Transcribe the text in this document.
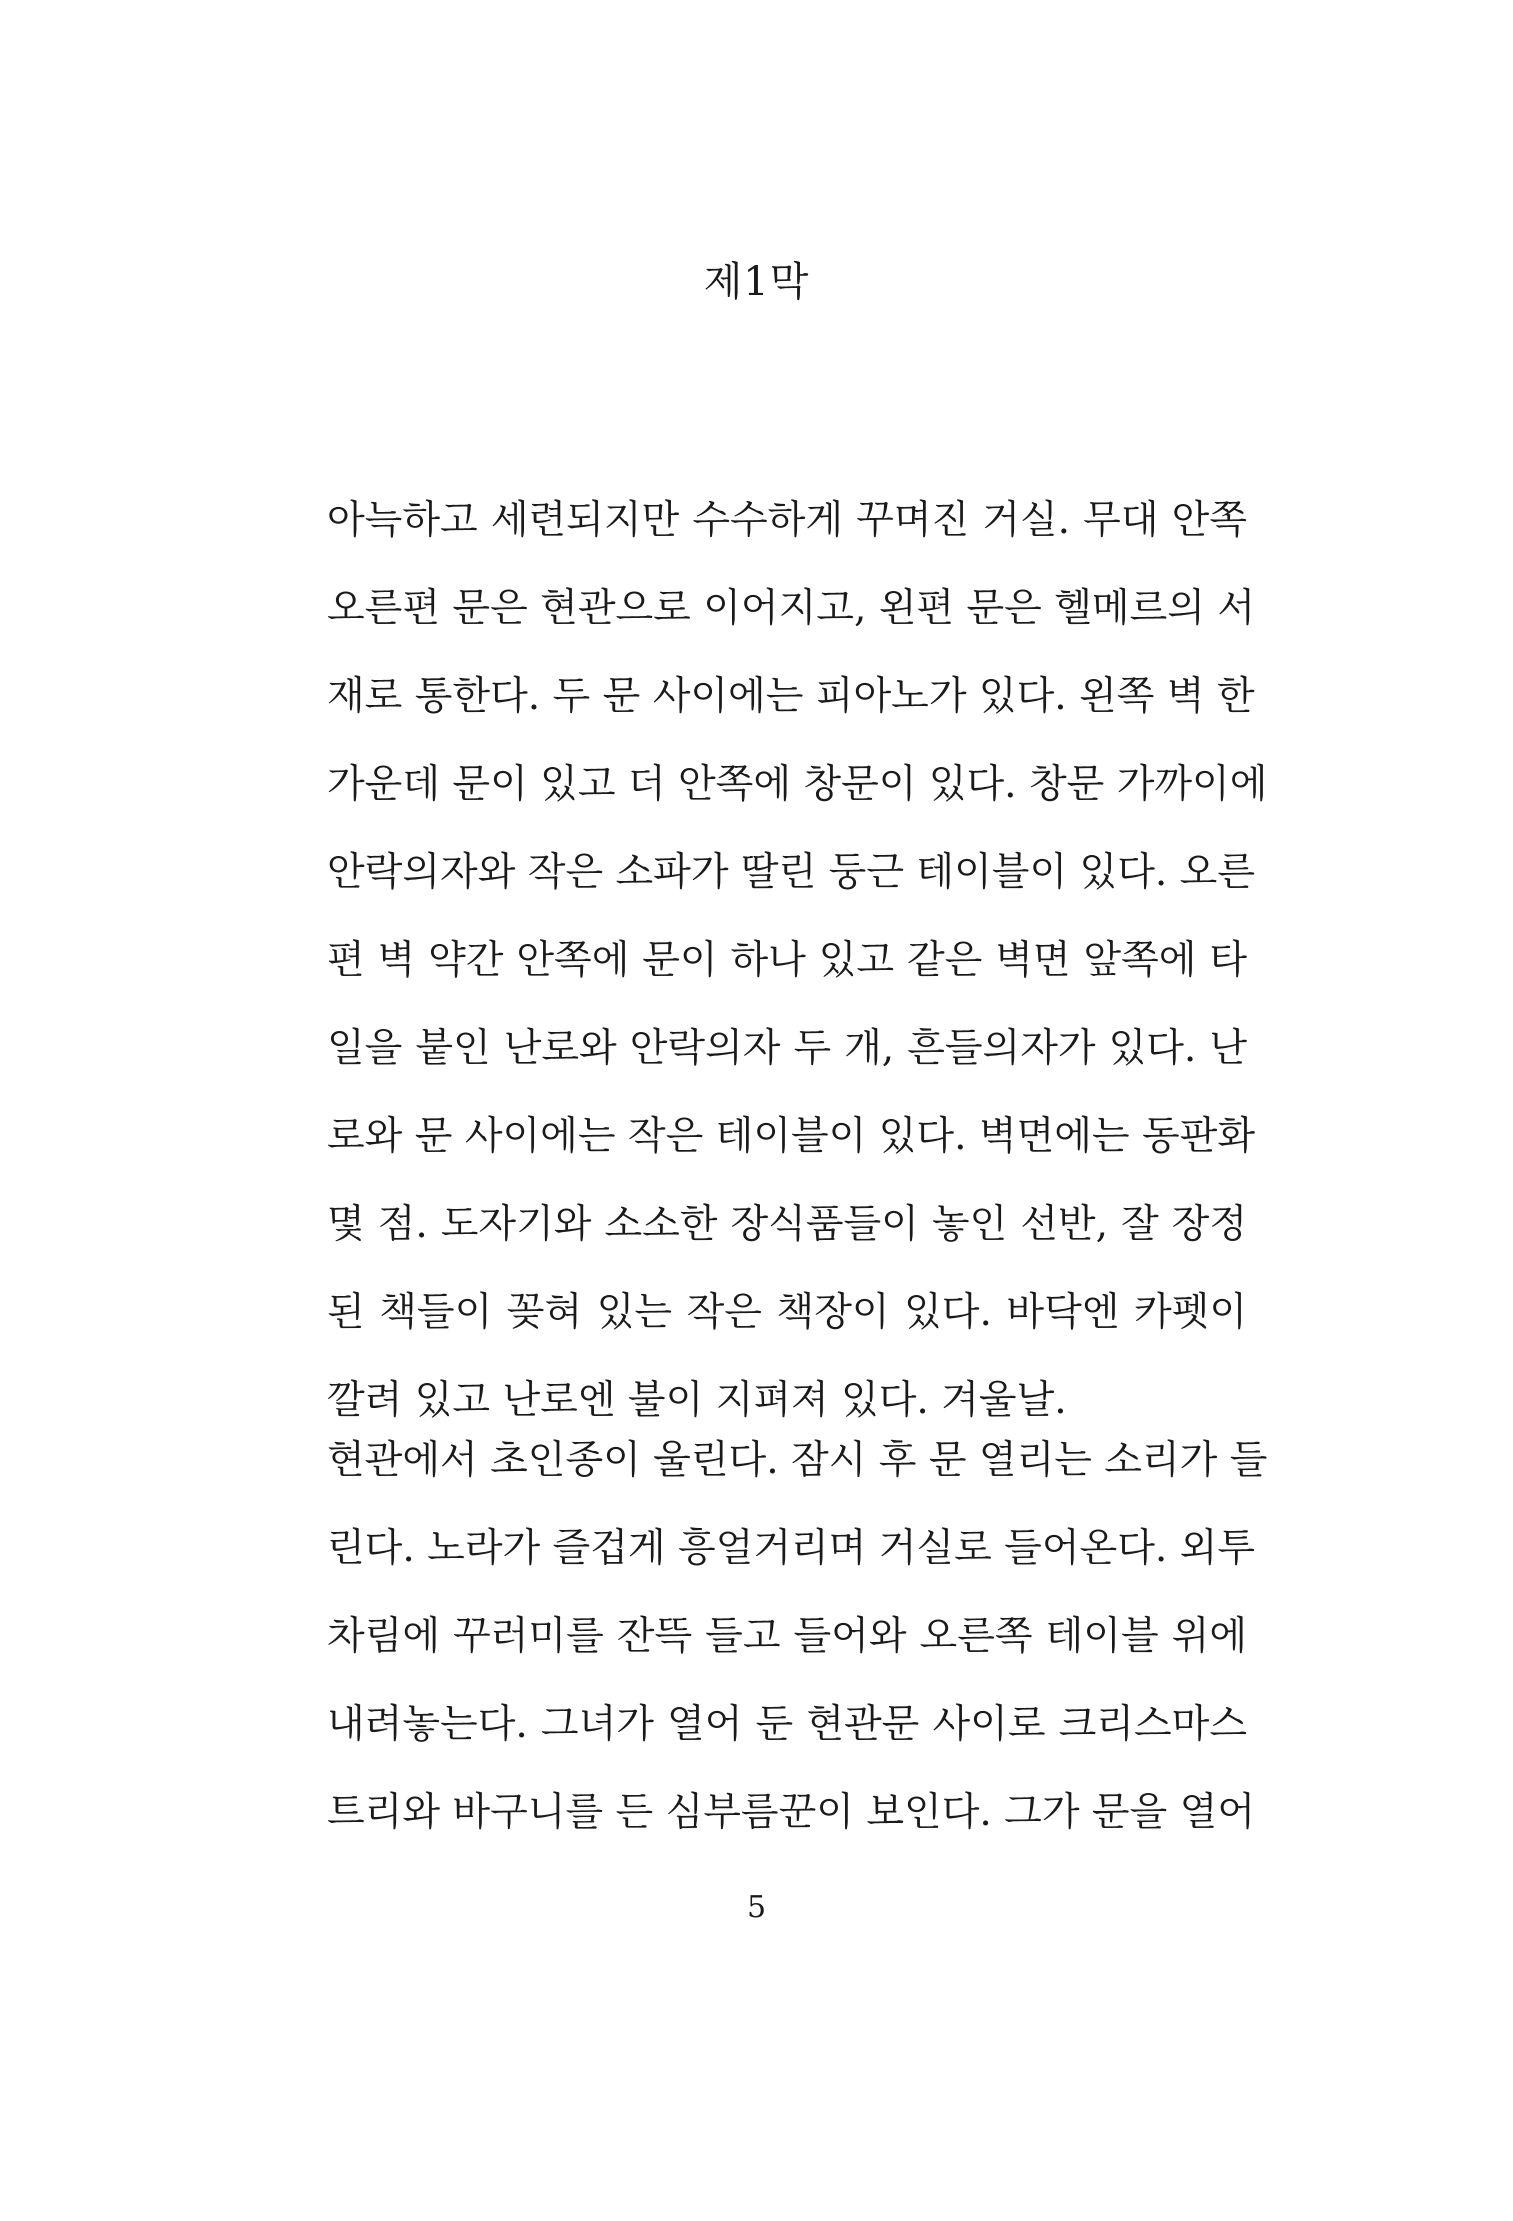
제1막
아늑하고 세련되지만 수수하게 꾸며진 거실. 무대 안쪽
오른편 문은 현관으로 이어지고, 왼편 문은 헬메르의 서
재로 통한다. 두 문 사이에는 피아노가 있다. 왼쪽 벽 한
가운데 문이 있고 더 안쪽에 창문이 있다. 창문 가까이에
안락의자와 작은 소파가 딸린 둥근 테이블이 있다. 오른
편 벽 약간 안쪽에 문이 하나 있고 같은 벽면 앞쪽에 타
일을 붙인 난로와 안락의자 두 개, 흔들의자가 있다. 난
로와 문 사이에는 작은 테이블이 있다. 벽면에는 동판화
몇 점. 도자기와 소소한 장식품들이 놓인 선반, 잘 장정
된 책들이 꽂혀 있는 작은 책장이 있다. 바닥엔 카펫이
깔려 있고 난로엔 불이 지펴져 있다. 겨울날.
현관에서 초인종이 울린다. 잠시 후 문 열리는 소리가 들
린다. 노라가 즐겁게 흥얼거리며 거실로 들어온다. 외투
차림에 꾸러미를 잔뜩 들고 들어와 오른쪽 테이블 위에
내려놓는다. 그녀가 열어 둔 현관문 사이로 크리스마스
트리와 바구니를 든 심부름꾼이 보인다. 그가 문을 열어
5
